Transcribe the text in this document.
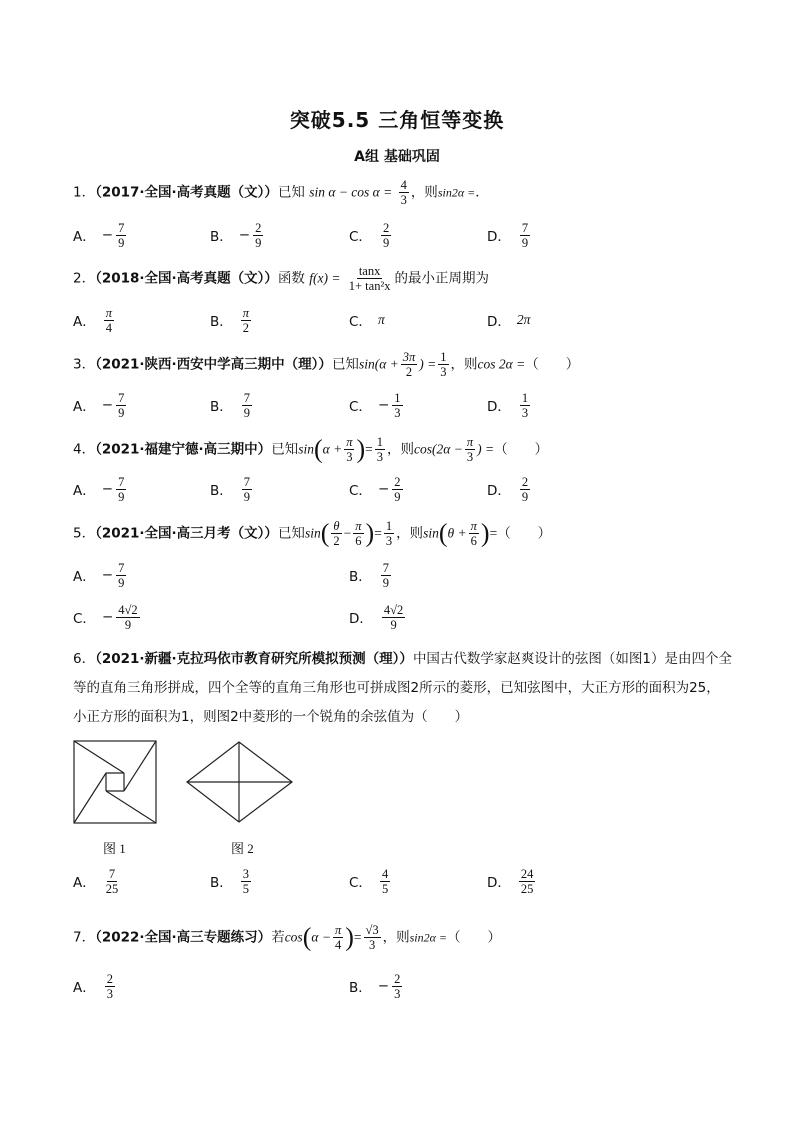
突破5.5 三角恒等变换
A组 基础巩固
1．（2017·全国·高考真题（文））已知 $\sin \alpha - \cos \alpha = \frac{4}{3}$ ，则sin2α =．
A． − $\frac{7}{9}$	B． − $\frac{2}{9}$	C． $\frac{2}{9}$	D． $\frac{7}{9}$
2．（2018·全国·高考真题（文））函数 $f(x) = \frac{\tan x}{\text{1+ tan²x}}$ 的最小正周期为
A． $\frac{\pi}{4}$	B． $\frac{\pi}{2}$	C． π	D． 2π
3．（2021·陕西·西安中学高三期中（理））已知$\sin(\alpha + \frac{3\pi}{2}$ ) = $\frac{1}{3}$ ，则cos 2α =（　　）
A． − $\frac{7}{9}$	B． $\frac{7}{9}$	C． − $\frac{1}{3}$	D． $\frac{1}{3}$
4．（2021·福建宁德·高三期中）已知$\sin(\alpha + \frac{\pi}{3}$ )= $\frac{1}{3}$ ，则$\cos(2\alpha - \frac{\pi}{3}$ ) =（　　）
A． − $\frac{7}{9}$	B． $\frac{7}{9}$	C． − $\frac{2}{9}$	D． $\frac{2}{9}$
5．（2021·全国·高三月考（文））已知$\sin( \frac{\theta}{2} - \frac{\pi}{6}$ )= $\frac{1}{3}$ ，则$\sin(\theta + \frac{\pi}{6}$ )=（　　）
A． − $\frac{7}{9}$	B． $\frac{7}{9}$
C． − $\frac{4√2}{9}$	D． $\frac{4√2}{9}$
6．（2021·新疆·克拉玛依市教育研究所模拟预测（理））中国古代数学家赵爽设计的弦图（如图1）是由四个全等的直角三角形拼成，四个全等的直角三角形也可拼成图2所示的菱形，已知弦图中，大正方形的面积为25，小正方形的面积为1，则图2中菱形的一个锐角的余弦值为（　　）
图 1	图 2
A． $\frac{7}{25}$	B． $\frac{3}{5}$	C． $\frac{4}{5}$	D． $\frac{24}{25}$
7．（2022·全国·高三专题练习）若$\cos(\alpha - \frac{\pi}{4}$ )= $\frac{√3}{3}$ ，则sin2α =（　　）
A． $\frac{2}{3}$	B． − $\frac{2}{3}$
